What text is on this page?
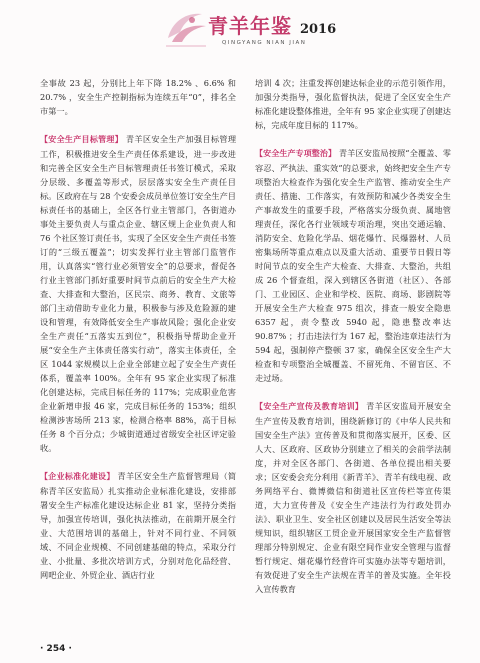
青羊年鉴 2016
QINGYANG NIAN JIAN

全事故 23 起，分别比上年下降 18.2% 、6.6% 和 20.7% ，安全生产控制指标为连续五年“0”，排名全市第一。

【安全生产目标管理】 青羊区安全生产加强目标管理工作，积极推进安全生产责任体系建设，进一步改进和完善全区安全生产目标管理责任书签订模式，采取分层级、多覆盖等形式，层层落实安全生产责任目标。区政府在与 28 个安委会成员单位签订安全生产目标责任书的基础上，全区各行业主管部门，各街道办事处主要负责人与重点企业、辖区规上企业负责人和 76 个社区签订责任书，实现了全区安全生产责任书签订的“三级五覆盖”；切实发挥行业主管部门监管作用，认真落实“管行业必须管安全”的总要求，督促各行业主管部门抓好重要时间节点前后的安全生产大检查、大排查和大整治，区民宗、商务、教育、文旅等部门主动借助专业化力量，积极参与涉及危险源的建设和管理，有效降低安全生产事故风险；强化企业安全生产责任“五落实五到位”，积极指导帮助企业开展“安全生产主体责任落实行动”，落实主体责任，全区 1044 家规模以上企业全部建立起了安全生产责任体系，覆盖率 100%。全年有 95 家企业实现了标准化创建达标，完成目标任务的 117%；完成职业危害企业新增申报 46 家，完成目标任务的 153%；组织检测涉害场所 213 家，检测合格率 88%，高于目标任务 8 个百分点；少城街道通过省级安全社区评定验收。

【企业标准化建设】 青羊区安全生产监督管理局（简称青羊区安监局）扎实推动企业标准化建设，安排部署安全生产标准化建设达标企业 81 家，坚持分类指导，加强宣传培训，强化执法推动，在前期开展全行业、大范围培训的基础上，针对不同行业、不同领域、不同企业规模、不同创建基础的特点，采取分行业、小批量、多批次培训方式，分别对危化品经营、网吧企业、外贸企业、酒店行业

培训 4 次；注重发挥创建达标企业的示范引领作用，加强分类指导，强化监督执法，促进了全区安全生产标准化建设整体推进，全年有 95 家企业实现了创建达标，完成年度目标的 117%。

【安全生产专项整治】 青羊区安监局按照“全覆盖、零容忍、严执法、重实效”的总要求，始终把安全生产专项整治大检查作为强化安全生产监管、推动安全生产责任、措施、工作落实，有效预防和减少各类安全生产事故发生的重要手段，严格落实分级负责、属地管理责任，深化各行业领域专项治理，突出交通运输、消防安全、危险化学品、烟花爆竹、民爆器材、人员密集场所等重点难点以及重大活动、重要节日假日等时间节点的安全生产大检查、大排查、大整治，共组成 26 个督查组，深入到辖区各街道（社区）、各部门、工业园区、企业和学校、医院、商场、影剧院等开展安全生产大检查 975 组次，排查一般安全隐患 6357 起，责令整改 5940 起，隐患整改率达 90.87% ；打击违法行为 167 起，整治违章违法行为 594 起，强制停产整顿 37 家，确保全区安全生产大检查和专项整治全城覆盖、不留死角、不留盲区、不走过场。

【安全生产宣传及教育培训】 青羊区安监局开展安全生产宣传及教育培训，围绕新修订的《中华人民共和国安全生产法》宣传普及和贯彻落实展开，区委、区人大、区政府、区政协分别建立了相关的会前学法制度，并对全区各部门、各街道、各单位提出相关要求；区安委会充分利用《新青羊》、青羊有线电视、政务网络平台、微博微信和街道社区宣传栏等宣传渠道，大力宣传普及《安全生产违法行为行政处罚办法》、职业卫生、安全社区创建以及居民生活安全等法规知识，组织辖区工贸企业开展国家安全生产监督管理部分特别规定、企业有限空间作业安全管理与监督暂行规定、烟花爆竹经营许可实施办法等专题培训，有效促进了安全生产法规在青羊的普及实施。全年投入宣传教育

· 254 ·
